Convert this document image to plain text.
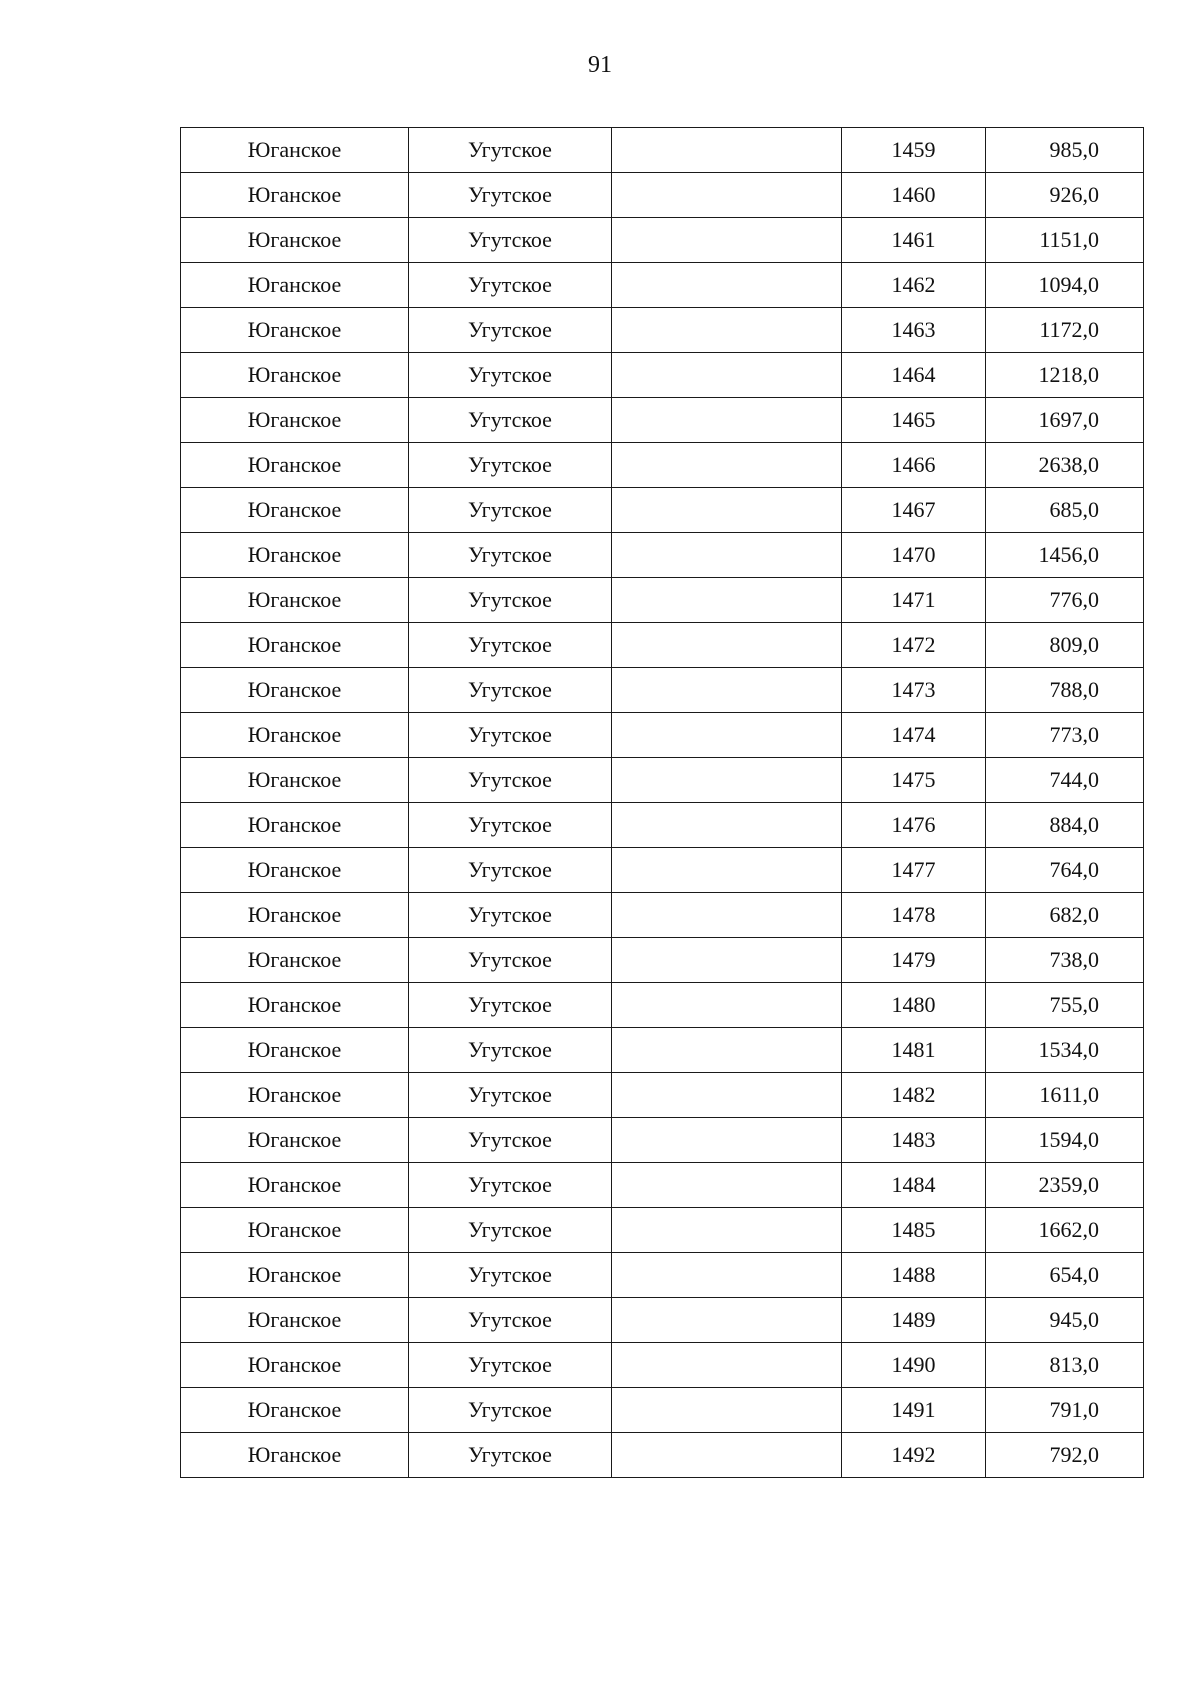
91
Юганское	Угутское		1459	985,0
Юганское	Угутское		1460	926,0
Юганское	Угутское		1461	1151,0
Юганское	Угутское		1462	1094,0
Юганское	Угутское		1463	1172,0
Юганское	Угутское		1464	1218,0
Юганское	Угутское		1465	1697,0
Юганское	Угутское		1466	2638,0
Юганское	Угутское		1467	685,0
Юганское	Угутское		1470	1456,0
Юганское	Угутское		1471	776,0
Юганское	Угутское		1472	809,0
Юганское	Угутское		1473	788,0
Юганское	Угутское		1474	773,0
Юганское	Угутское		1475	744,0
Юганское	Угутское		1476	884,0
Юганское	Угутское		1477	764,0
Юганское	Угутское		1478	682,0
Юганское	Угутское		1479	738,0
Юганское	Угутское		1480	755,0
Юганское	Угутское		1481	1534,0
Юганское	Угутское		1482	1611,0
Юганское	Угутское		1483	1594,0
Юганское	Угутское		1484	2359,0
Юганское	Угутское		1485	1662,0
Юганское	Угутское		1488	654,0
Юганское	Угутское		1489	945,0
Юганское	Угутское		1490	813,0
Юганское	Угутское		1491	791,0
Юганское	Угутское		1492	792,0
